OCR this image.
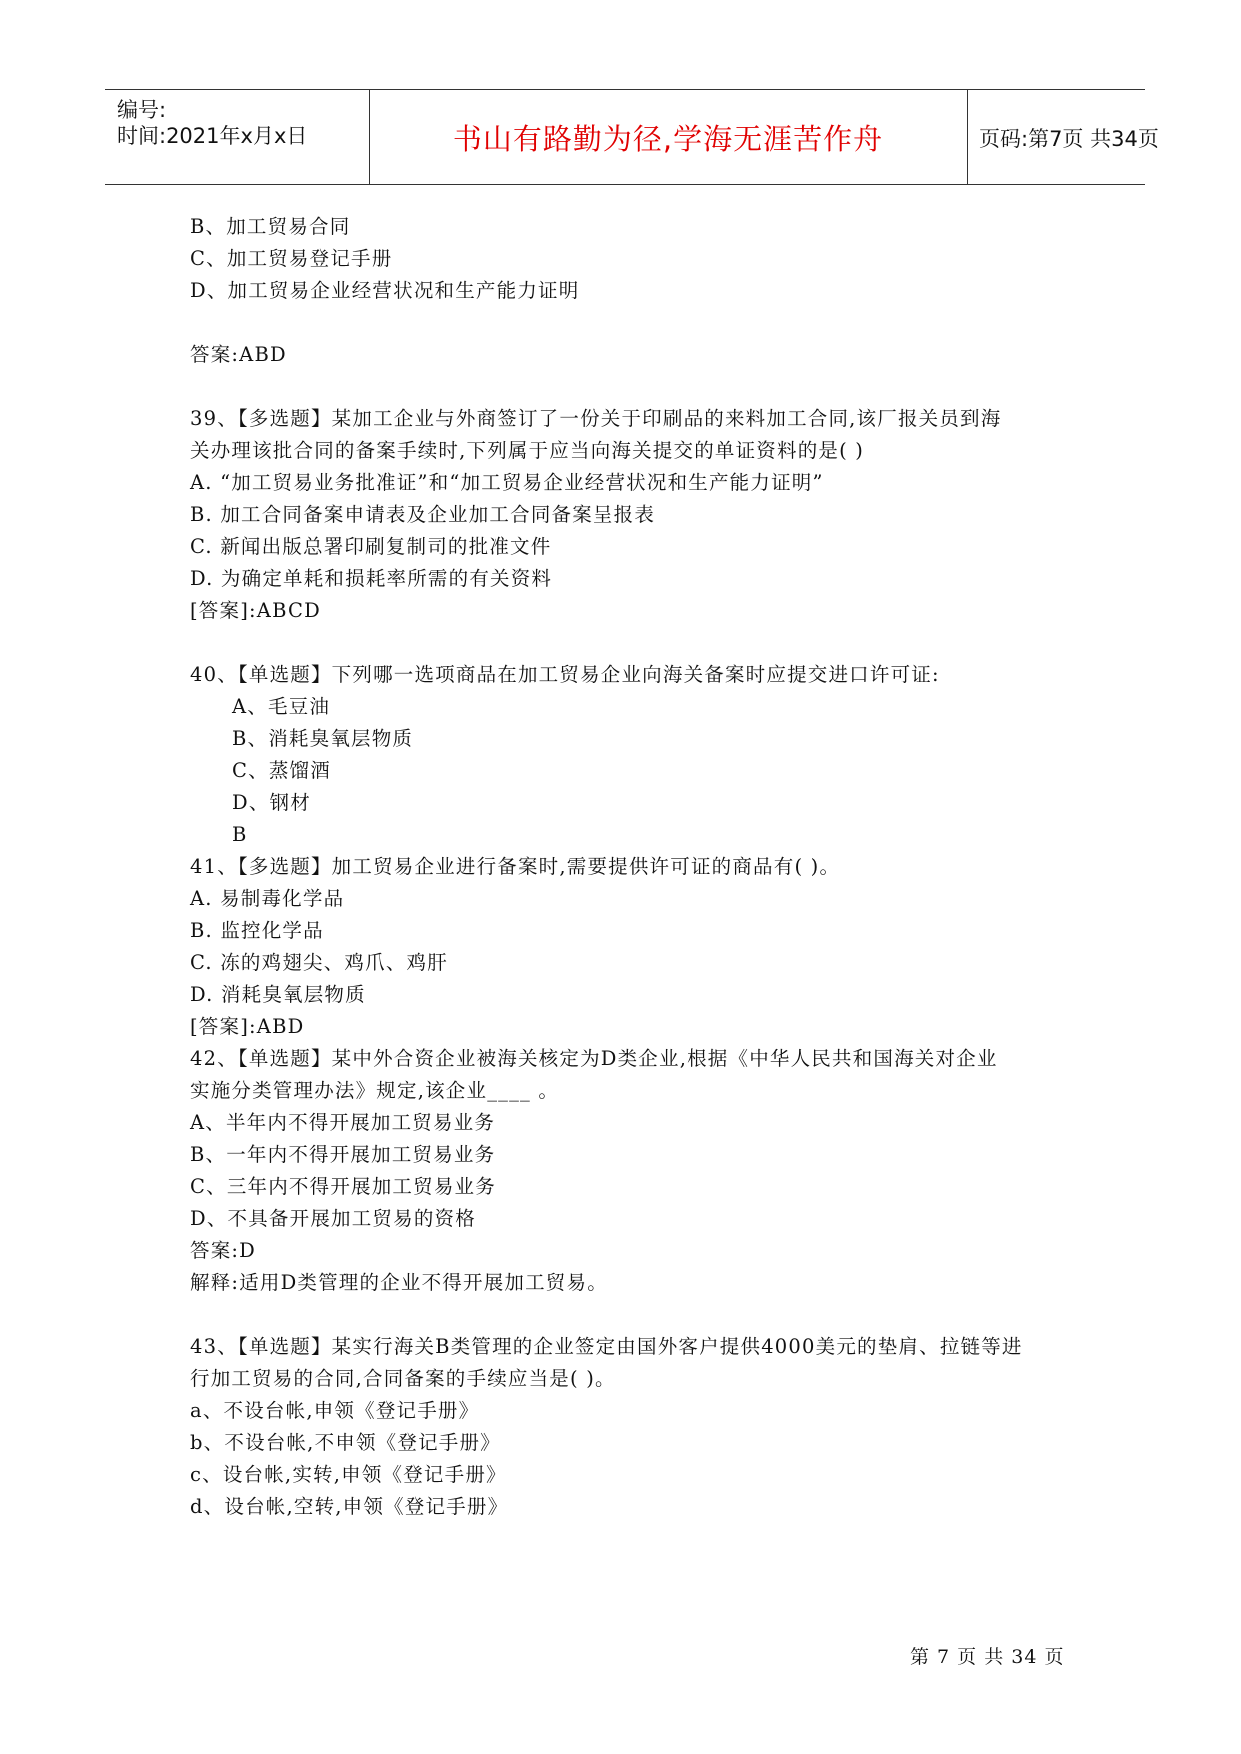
编号:
时间:2021年x月x日	书山有路勤为径,学海无涯苦作舟	页码:第7页 共34页
B、加工贸易合同
C、加工贸易登记手册
D、加工贸易企业经营状况和生产能力证明
答案:ABD
39、【多选题】某加工企业与外商签订了一份关于印刷品的来料加工合同,该厂报关员到海
关办理该批合同的备案手续时,下列属于应当向海关提交的单证资料的是( )
A. “加工贸易业务批准证”和“加工贸易企业经营状况和生产能力证明”
B. 加工合同备案申请表及企业加工合同备案呈报表
C. 新闻出版总署印刷复制司的批准文件
D. 为确定单耗和损耗率所需的有关资料
[答案]:ABCD
40、【单选题】下列哪一选项商品在加工贸易企业向海关备案时应提交进口许可证:
A、毛豆油
B、消耗臭氧层物质
C、蒸馏酒
D、钢材
B
41、【多选题】加工贸易企业进行备案时,需要提供许可证的商品有( )。
A. 易制毒化学品
B. 监控化学品
C. 冻的鸡翅尖、鸡爪、鸡肝
D. 消耗臭氧层物质
[答案]:ABD
42、【单选题】某中外合资企业被海关核定为D类企业,根据《中华人民共和国海关对企业
实施分类管理办法》规定,该企业____ 。
A、半年内不得开展加工贸易业务
B、一年内不得开展加工贸易业务
C、三年内不得开展加工贸易业务
D、不具备开展加工贸易的资格
答案:D
解释:适用D类管理的企业不得开展加工贸易。
43、【单选题】某实行海关B类管理的企业签定由国外客户提供4000美元的垫肩、拉链等进
行加工贸易的合同,合同备案的手续应当是( )。
a、不设台帐,申领《登记手册》
b、不设台帐,不申领《登记手册》
c、设台帐,实转,申领《登记手册》
d、设台帐,空转,申领《登记手册》
第 7 页 共 34 页
